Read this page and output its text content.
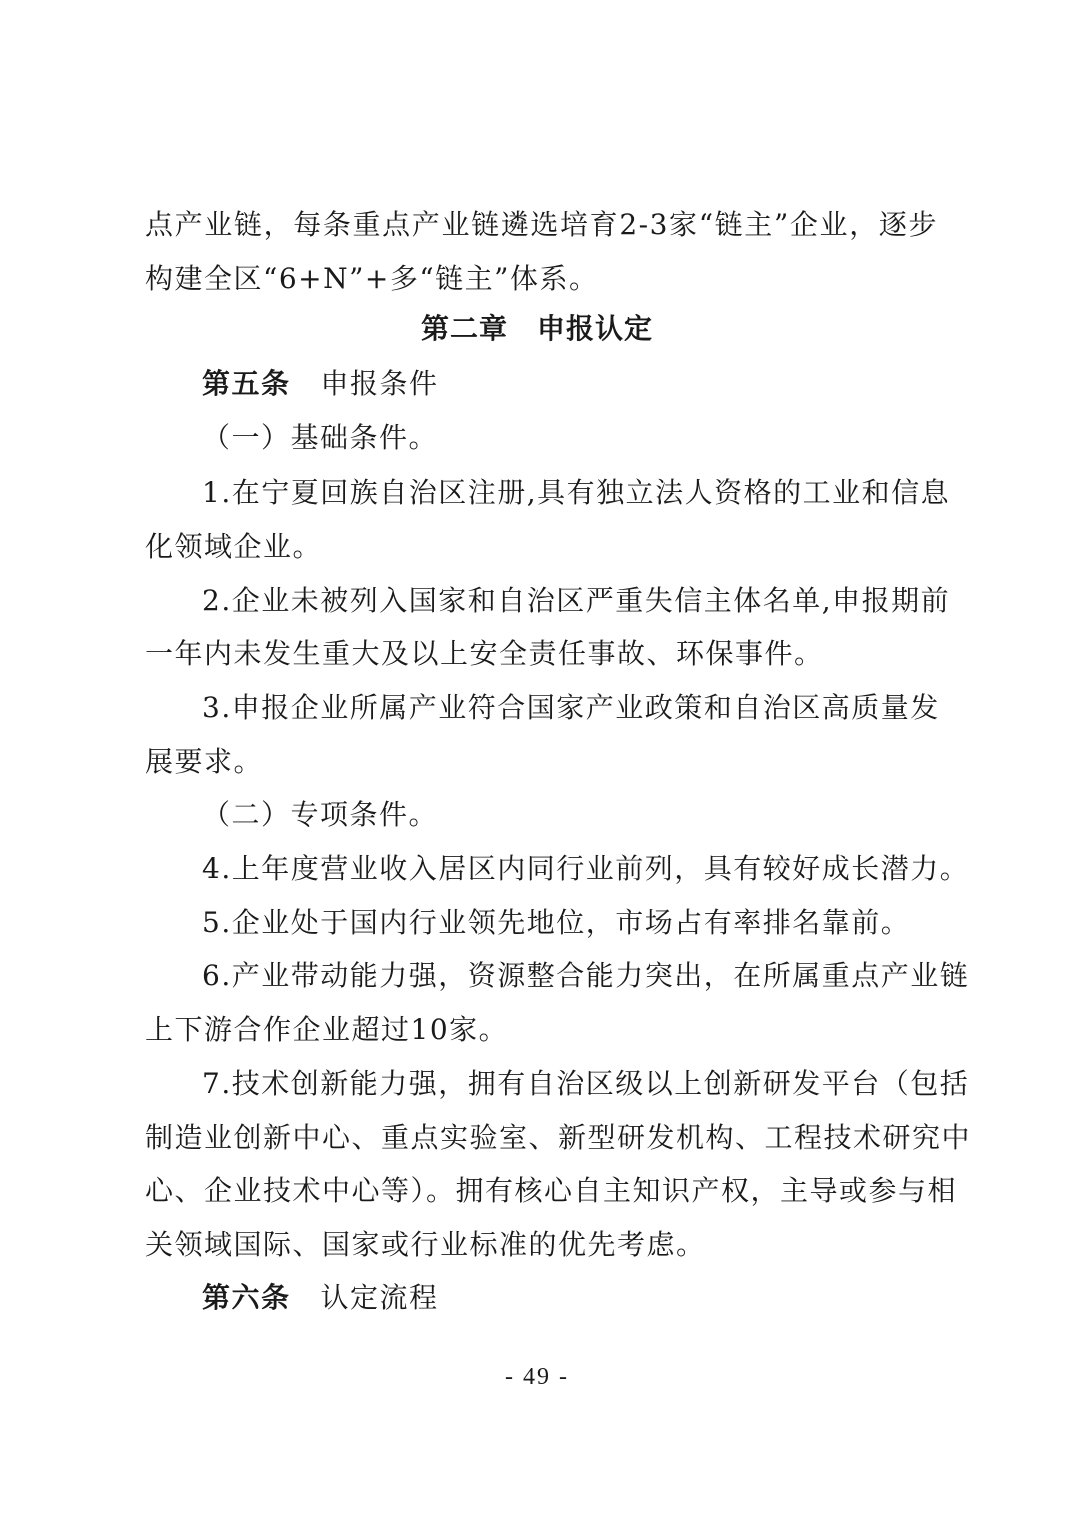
点产业链，每条重点产业链遴选培育2-3家“链主”企业，逐步
构建全区“6+N”+多“链主”体系。
第二章　申报认定
第五条 申报条件
（一）基础条件。
1.在宁夏回族自治区注册,具有独立法人资格的工业和信息
化领域企业。
2.企业未被列入国家和自治区严重失信主体名单,申报期前
一年内未发生重大及以上安全责任事故、环保事件。
3.申报企业所属产业符合国家产业政策和自治区高质量发
展要求。
（二）专项条件。
4.上年度营业收入居区内同行业前列，具有较好成长潜力。
5.企业处于国内行业领先地位，市场占有率排名靠前。
6.产业带动能力强，资源整合能力突出，在所属重点产业链
上下游合作企业超过10家。
7.技术创新能力强，拥有自治区级以上创新研发平台（包括
制造业创新中心、重点实验室、新型研发机构、工程技术研究中
心、企业技术中心等）。拥有核心自主知识产权，主导或参与相
关领域国际、国家或行业标准的优先考虑。
第六条 认定流程
- 49 -
